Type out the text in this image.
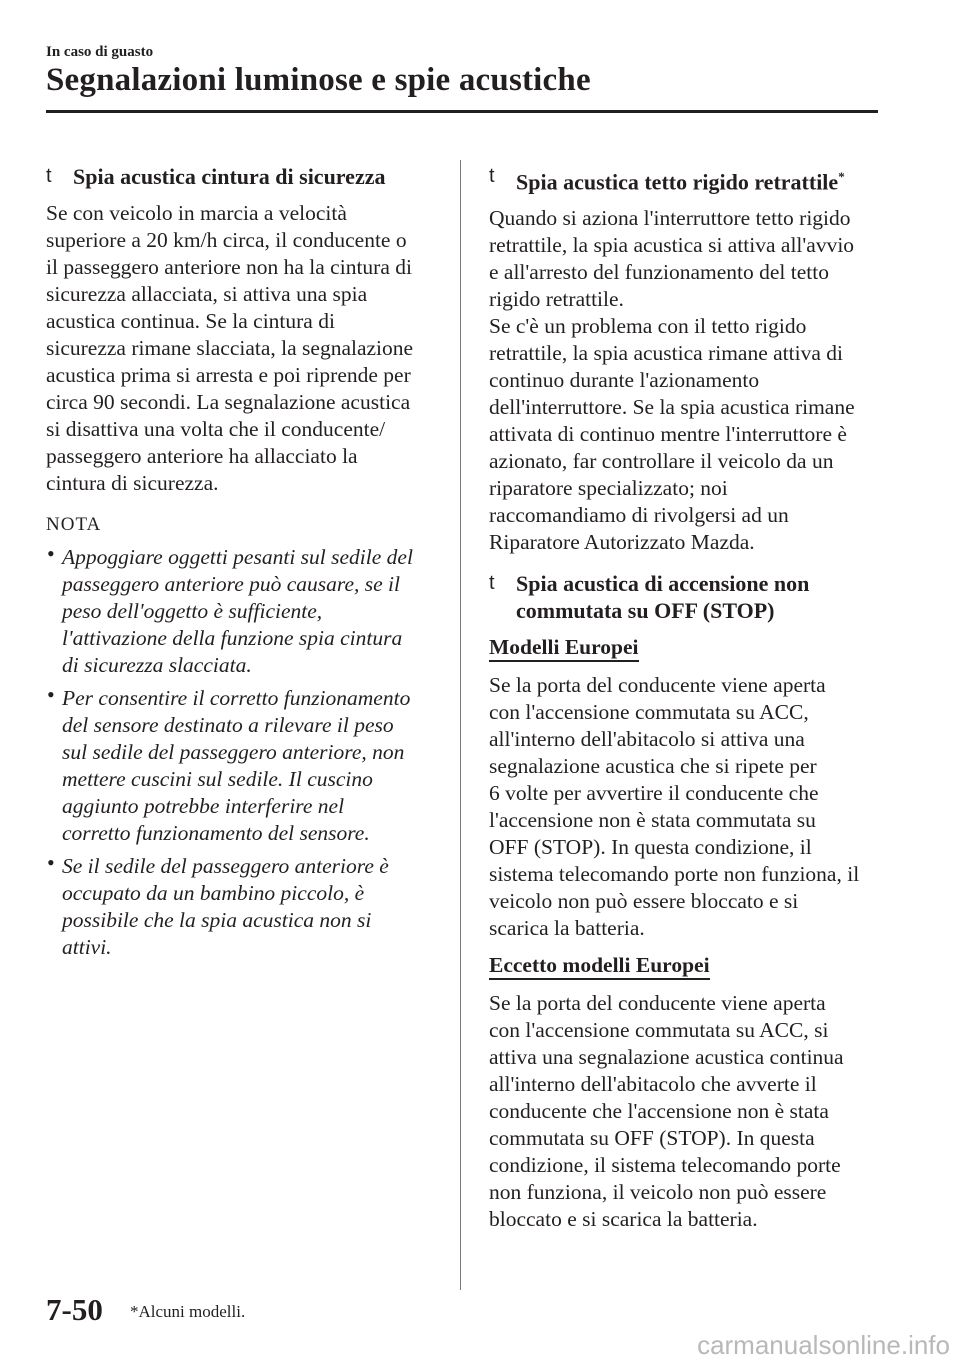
In caso di guasto
Segnalazioni luminose e spie acustiche
t Spia acustica cintura di sicurezza

Se con veicolo in marcia a velocità
superiore a 20 km/h circa, il conducente o
il passeggero anteriore non ha la cintura di
sicurezza allacciata, si attiva una spia
acustica continua. Se la cintura di
sicurezza rimane slacciata, la segnalazione
acustica prima si arresta e poi riprende per
circa 90 secondi. La segnalazione acustica
si disattiva una volta che il conducente/
passeggero anteriore ha allacciato la
cintura di sicurezza.

NOTA
• Appoggiare oggetti pesanti sul sedile del
passeggero anteriore può causare, se il
peso dell'oggetto è sufficiente,
l'attivazione della funzione spia cintura
di sicurezza slacciata.
• Per consentire il corretto funzionamento
del sensore destinato a rilevare il peso
sul sedile del passeggero anteriore, non
mettere cuscini sul sedile. Il cuscino
aggiunto potrebbe interferire nel
corretto funzionamento del sensore.
• Se il sedile del passeggero anteriore è
occupato da un bambino piccolo, è
possibile che la spia acustica non si
attivi.
t Spia acustica tetto rigido retrattile*

Quando si aziona l'interruttore tetto rigido
retrattile, la spia acustica si attiva all'avvio
e all'arresto del funzionamento del tetto
rigido retrattile.
Se c'è un problema con il tetto rigido
retrattile, la spia acustica rimane attiva di
continuo durante l'azionamento
dell'interruttore. Se la spia acustica rimane
attivata di continuo mentre l'interruttore è
azionato, far controllare il veicolo da un
riparatore specializzato; noi
raccomandiamo di rivolgersi ad un
Riparatore Autorizzato Mazda.

t Spia acustica di accensione non
commutata su OFF (STOP)
Modelli Europei

Se la porta del conducente viene aperta
con l'accensione commutata su ACC,
all'interno dell'abitacolo si attiva una
segnalazione acustica che si ripete per
6 volte per avvertire il conducente che
l'accensione non è stata commutata su
OFF (STOP). In questa condizione, il
sistema telecomando porte non funziona, il
veicolo non può essere bloccato e si
scarica la batteria.

Eccetto modelli Europei

Se la porta del conducente viene aperta
con l'accensione commutata su ACC, si
attiva una segnalazione acustica continua
all'interno dell'abitacolo che avverte il
conducente che l'accensione non è stata
commutata su OFF (STOP). In questa
condizione, il sistema telecomando porte
non funziona, il veicolo non può essere
bloccato e si scarica la batteria.

7-50 *Alcuni modelli.
carmanualsonline.info
